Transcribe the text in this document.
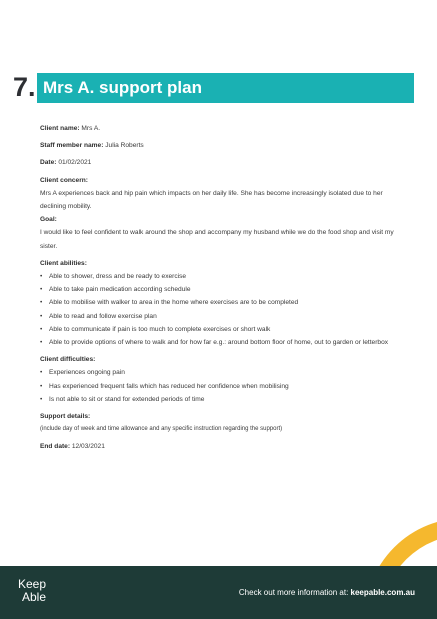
7. Mrs A. support plan
Client name: Mrs A.
Staff member name: Julia Roberts
Date: 01/02/2021
Client concern:
Mrs A experiences back and hip pain which impacts on her daily life. She has become increasingly isolated due to her declining mobility.
Goal:
I would like to feel confident to walk around the shop and accompany my husband while we do the food shop and visit my sister.
Client abilities:
• Able to shower, dress and be ready to exercise
• Able to take pain medication according schedule
• Able to mobilise with walker to area in the home where exercises are to be completed
• Able to read and follow exercise plan
• Able to communicate if pain is too much to complete exercises or short walk
• Able to provide options of where to walk and for how far e.g.: around bottom floor of home, out to garden or letterbox
Client difficulties:
• Experiences ongoing pain
• Has experienced frequent falls which has reduced her confidence when mobilising
• Is not able to sit or stand for extended periods of time
Support details:
(include day of week and time allowance and any specific instruction regarding the support)
End date: 12/03/2021
Keep
Able	Check out more information at: keepable.com.au
